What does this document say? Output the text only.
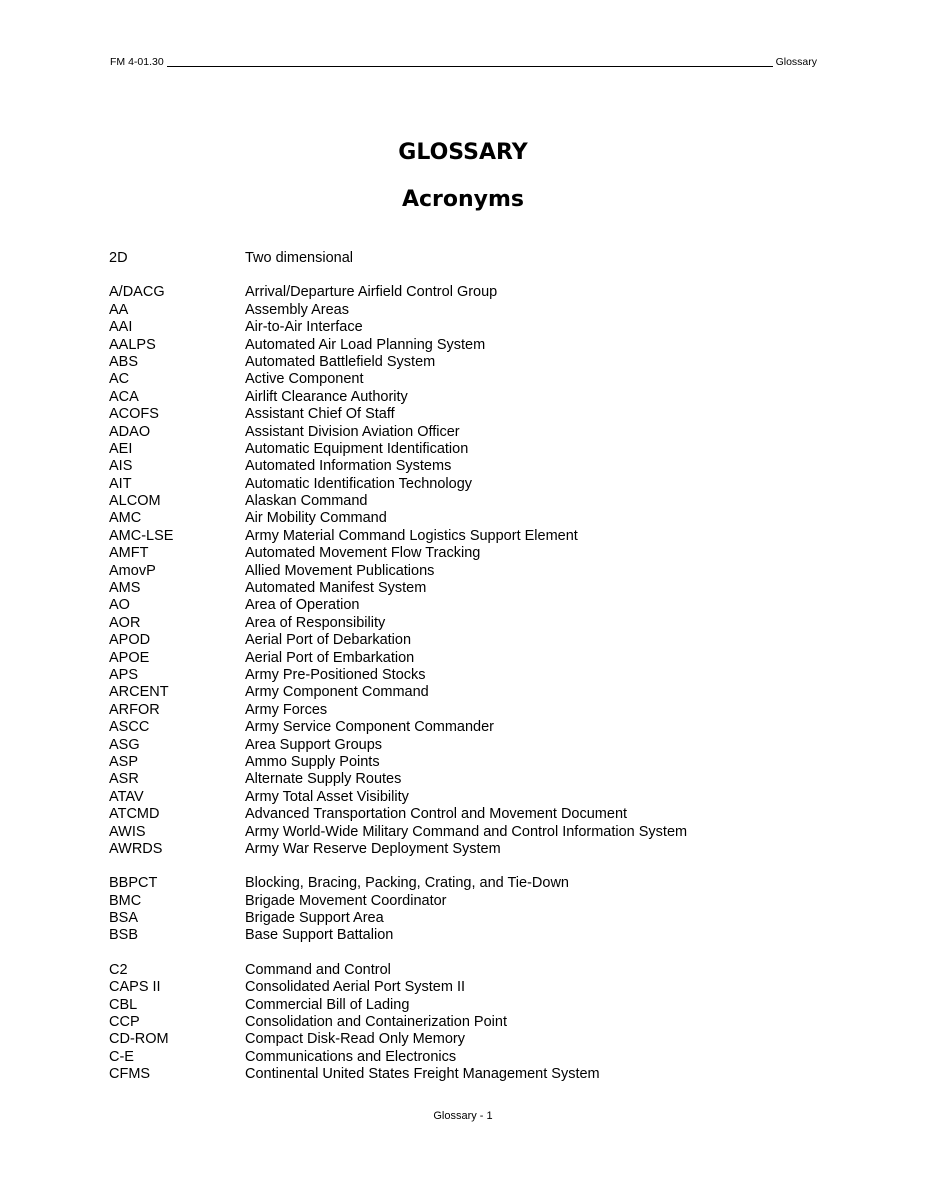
FM 4-01.30	Glossary
GLOSSARY
Acronyms
2D	Two dimensional
A/DACG	Arrival/Departure Airfield Control Group
AA	Assembly Areas
AAI	Air-to-Air Interface
AALPS	Automated Air Load Planning System
ABS	Automated Battlefield System
AC	Active Component
ACA	Airlift Clearance Authority
ACOFS	Assistant Chief Of Staff
ADAO	Assistant Division Aviation Officer
AEI	Automatic Equipment Identification
AIS	Automated Information Systems
AIT	Automatic Identification Technology
ALCOM	Alaskan Command
AMC	Air Mobility Command
AMC-LSE	Army Material Command Logistics Support Element
AMFT	Automated Movement Flow Tracking
AmovP	Allied Movement Publications
AMS	Automated Manifest System
AO	Area of Operation
AOR	Area of Responsibility
APOD	Aerial Port of Debarkation
APOE	Aerial Port of Embarkation
APS	Army Pre-Positioned Stocks
ARCENT	Army Component Command
ARFOR	Army Forces
ASCC	Army Service Component Commander
ASG	Area Support Groups
ASP	Ammo Supply Points
ASR	Alternate Supply Routes
ATAV	Army Total Asset Visibility
ATCMD	Advanced Transportation Control and Movement Document
AWIS	Army World-Wide Military Command and Control Information System
AWRDS	Army War Reserve Deployment System
BBPCT	Blocking, Bracing, Packing, Crating, and Tie-Down
BMC	Brigade Movement Coordinator
BSA	Brigade Support Area
BSB	Base Support Battalion
C2	Command and Control
CAPS II	Consolidated Aerial Port System II
CBL	Commercial Bill of Lading
CCP	Consolidation and Containerization Point
CD-ROM	Compact Disk-Read Only Memory
C-E	Communications and Electronics
CFMS	Continental United States Freight Management System
Glossary - 1
